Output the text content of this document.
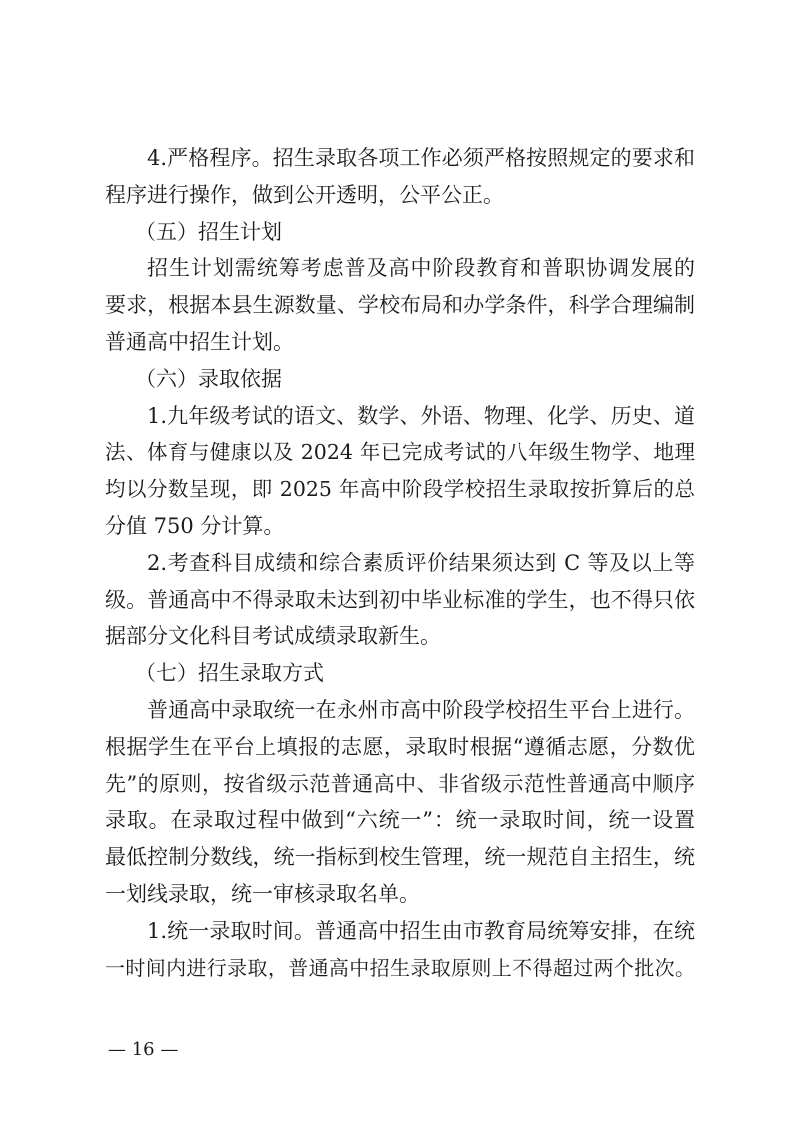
4.严格程序。招生录取各项工作必须严格按照规定的要求和
程序进行操作，做到公开透明，公平公正。
（五）招生计划
招生计划需统筹考虑普及高中阶段教育和普职协调发展的
要求，根据本县生源数量、学校布局和办学条件，科学合理编制
普通高中招生计划。
（六）录取依据
1.九年级考试的语文、数学、外语、物理、化学、历史、道
法、体育与健康以及 2024 年已完成考试的八年级生物学、地理
均以分数呈现，即 2025 年高中阶段学校招生录取按折算后的总
分值 750 分计算。
2.考查科目成绩和综合素质评价结果须达到 C 等及以上等
级。普通高中不得录取未达到初中毕业标准的学生，也不得只依
据部分文化科目考试成绩录取新生。
（七）招生录取方式
普通高中录取统一在永州市高中阶段学校招生平台上进行。
根据学生在平台上填报的志愿，录取时根据“遵循志愿，分数优
先”的原则，按省级示范普通高中、非省级示范性普通高中顺序
录取。在录取过程中做到“六统一”：统一录取时间，统一设置
最低控制分数线，统一指标到校生管理，统一规范自主招生，统
一划线录取，统一审核录取名单。
1.统一录取时间。普通高中招生由市教育局统筹安排，在统
一时间内进行录取，普通高中招生录取原则上不得超过两个批次。
— 16 —
